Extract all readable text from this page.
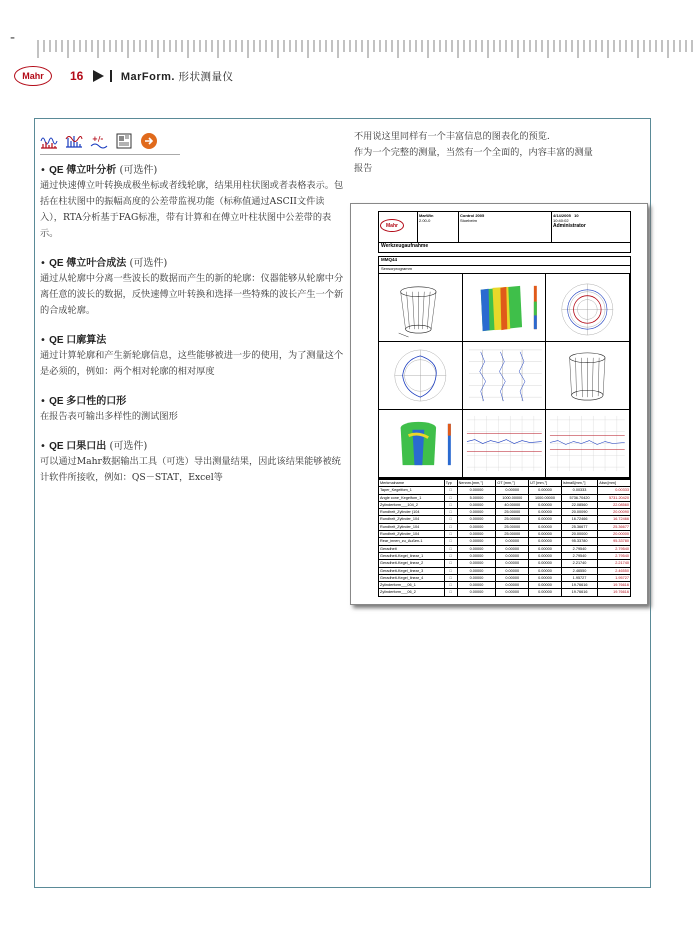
-
Mahr	16	MarForm. 形状测量仪
+/-
• QE 傅立叶分析 (可选件)
通过快速傅立叶转换成极坐标或者线轮廓，结果用柱状图或者表格表示。包括在柱状图中的振幅高度的公差带监视功能（标称值通过ASCII文件读入），RTA分析基于FAG标准，带有计算和在傅立叶柱状图中公差带的表示。
• QE 傅立叶合成法 (可选件)
通过从轮廓中分离一些波长的数据而产生的新的轮廓：仪器能够从轮廓中分离任意的波长的数据，反快速傅立叶转换和选择一些特殊的波长产生一个新的合成轮廓。
• QE 口廓算法
通过计算轮廓和产生新轮廓信息，这些能够被进一步的使用，为了测量这个是必须的，例如：两个相对轮廓的相对厚度
• QE 多口性的口形
在报告表可输出多样性的测试图形
• QE 口果口出 (可选件)
可以通过Mahr数据输出工具（可选）导出测量结果，因此该结果能够被统计软件所接收，例如：QS－STAT，Excel等
不用说这里同样有一个丰富信息的图表化的预览.
作为一个完整的测量，当然有一个全面的，内容丰富的测量
报告
Mahr
MarWin
2.00-0
Control 2005
Stoebeim
4/14/2005 10
10:40:02
Administrator
Werkzeugaufnahme
MMQ44
Sensorprogramm
Merkmalname	Typ	Nennm.[mm,°]	OT [mm,°]	UT [mm,°]	Istmaß[mm,°]	Abw.[mm]
Taper_Kegelfom_1	□	0.00000	0.00000	0.00000	0.00333	0.00333
Angle cone_Kegelfom_1	□	5.00000	1000.00000	1000.00000	5736.70420	5731.20420
Zylinderform___104_2	□	0.00000	40.00000	0.00000	22.08560	22.08560
Rundheit_Zylinder (104	□	0.00000	25.00000	0.00000	20.00090	20.00090
Rundheit_Zylinder_104	□	0.00000	25.00000	0.00000	16.72466	16.72466
Rundheit_Zylinder_104	□	0.00000	25.00000	0.00000	25.36677	25.36677
Rundheit_Zylinder_104	□	0.00000	25.00000	0.00000	20.00000	20.00000
Rear_innen_zu_Außen-1	□	0.00000	0.00000	0.00000	95.33780	95.33780
Geradheit	□	0.00000	0.00000	0.00000	2.79540	2.79540
Geradheit-Kegel_linear_1	□	0.00000	0.00000	0.00000	2.79540	2.79540
Geradheit-Kegel_linear_2	□	0.00000	0.00000	0.00000	2.21740	2.21740
Geradheit-Kegel_linear_3	□	0.00000	0.00000	0.00000	2.46550	2.46550
Geradheit-Kegel_linear_4	□	0.00000	0.00000	0.00000	1.95727	1.95727
Zylinderform___06_1	□	0.00000	0.00000	0.00000	19.76616	19.76616
Zylinderform___06_2	□	0.00000	0.00000	0.00000	19.76616	19.76616
